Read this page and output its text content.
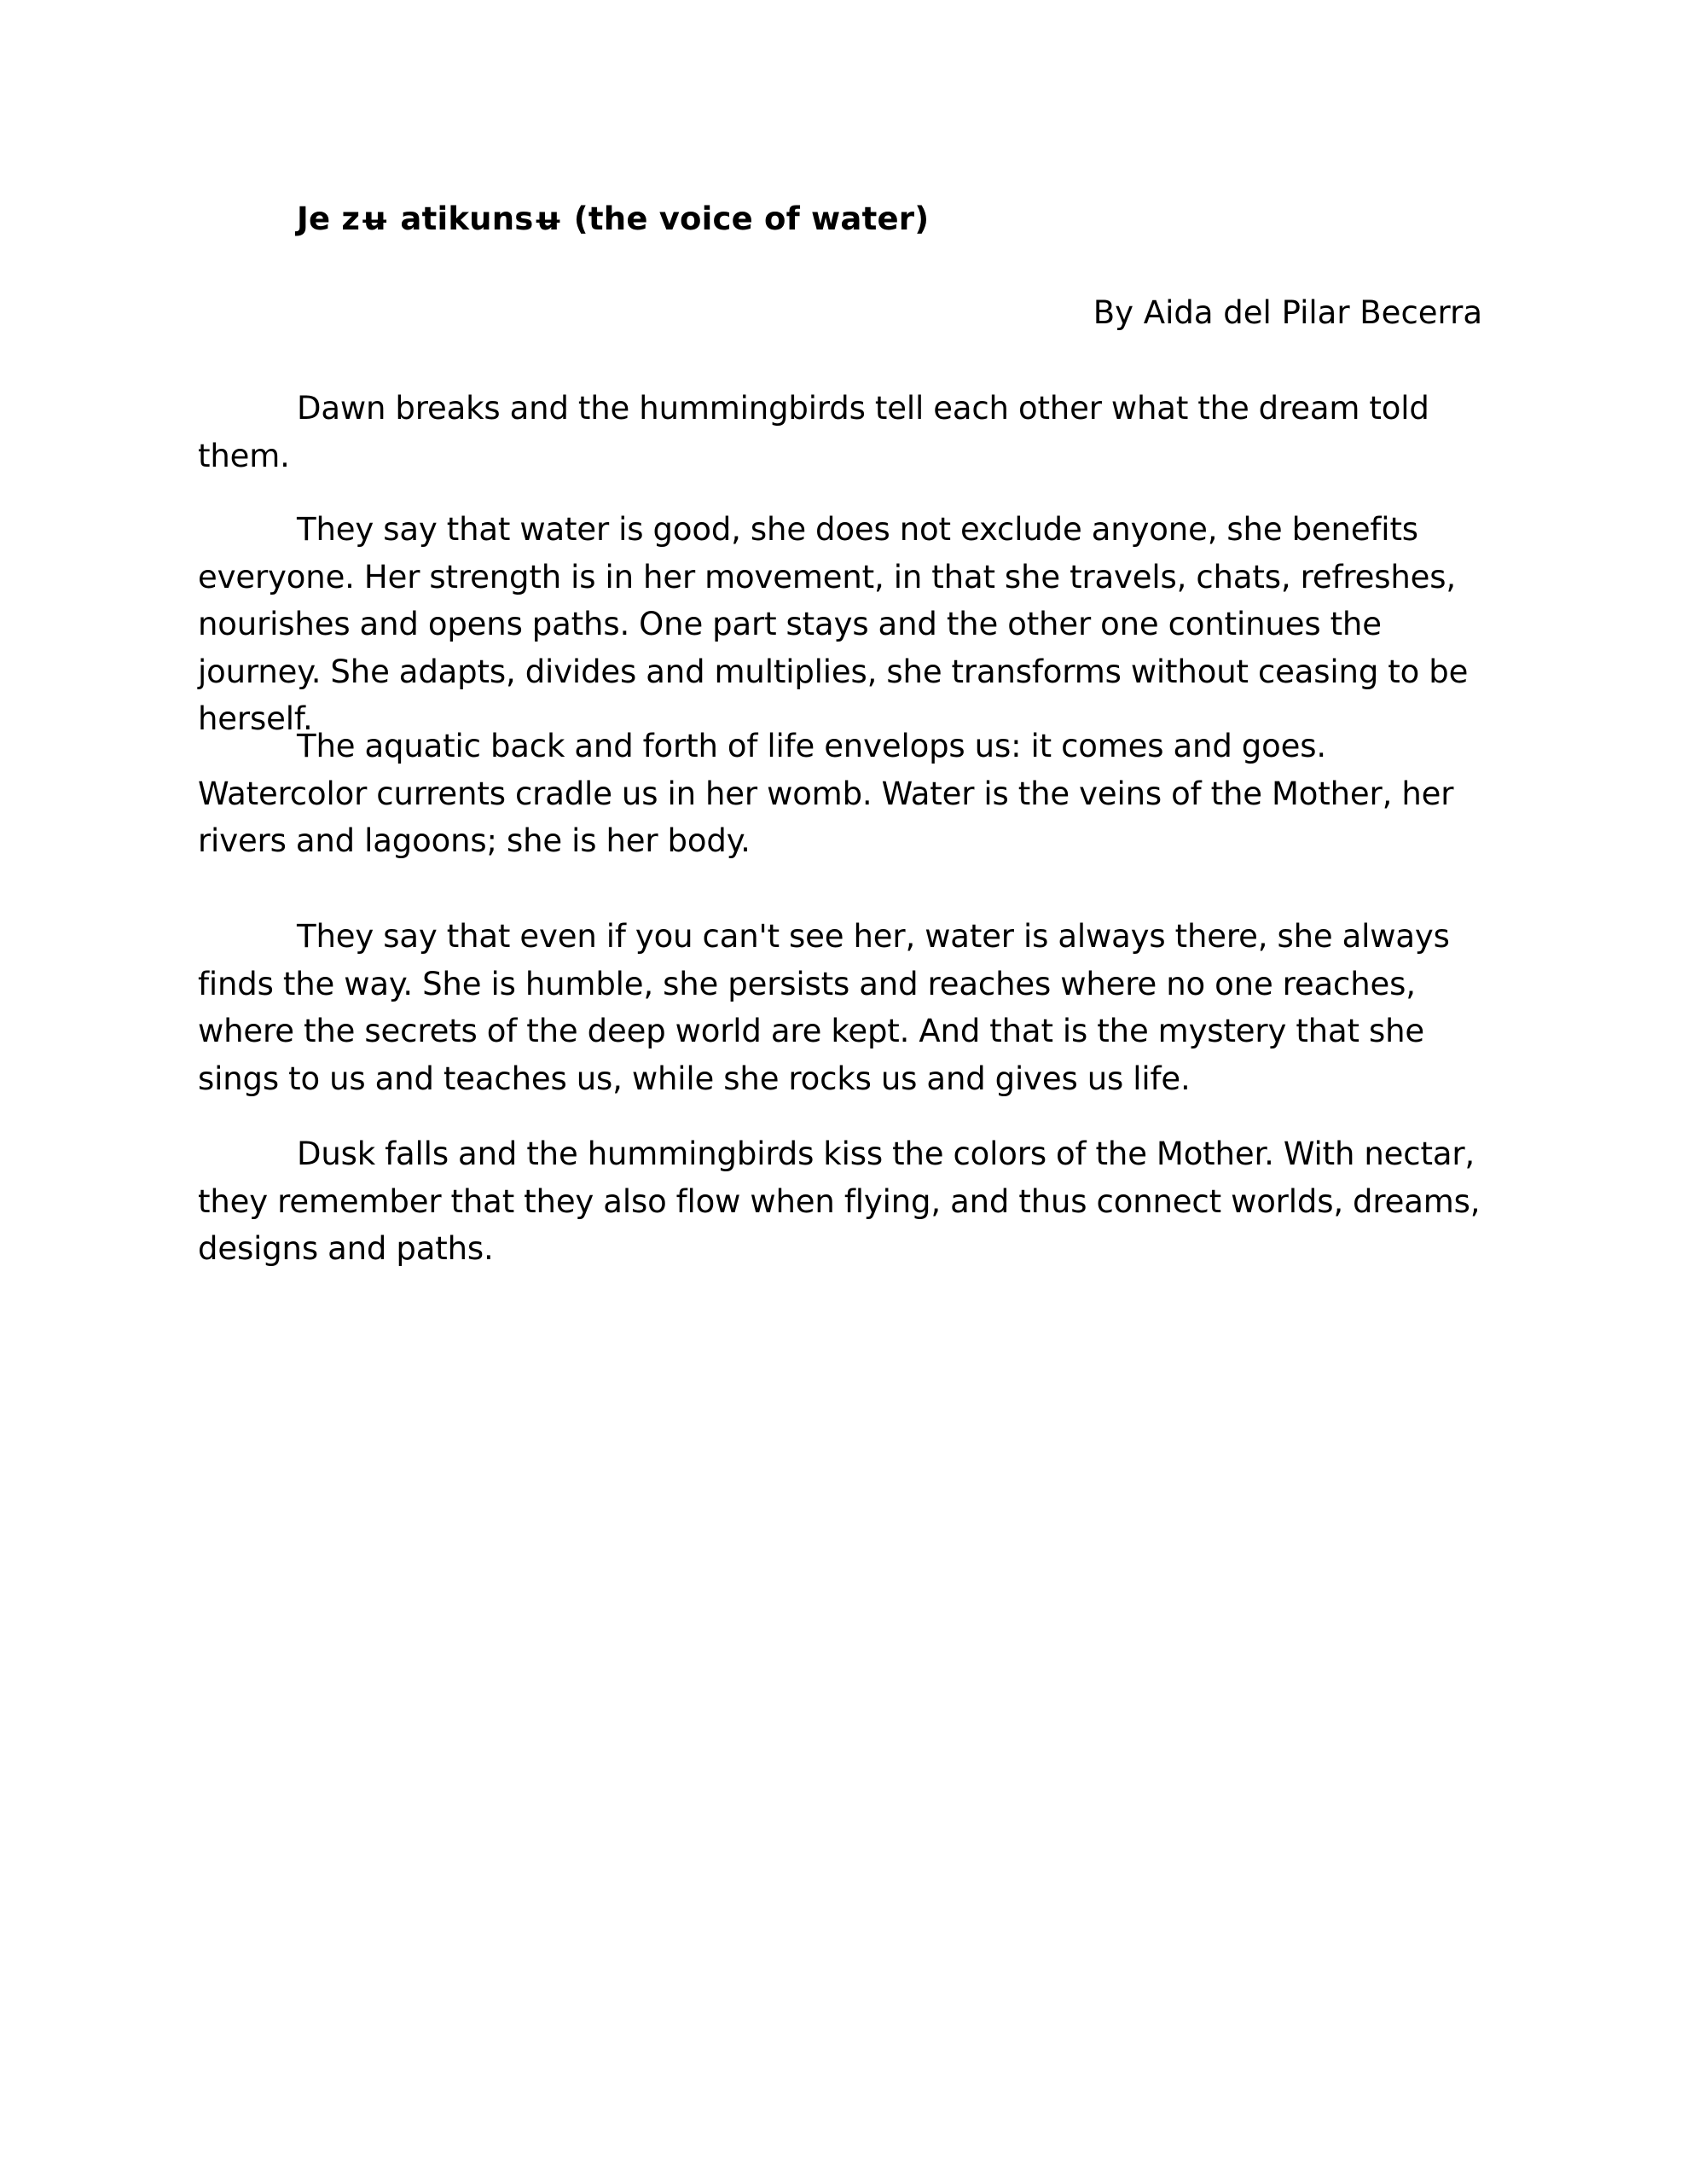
Je zʉ atikunsʉ (the voice of water)
By Aida del Pilar Becerra

Dawn breaks and the hummingbirds tell each other what the dream told them.

They say that water is good, she does not exclude anyone, she benefits everyone. Her strength is in her movement, in that she travels, chats, refreshes, nourishes and opens paths. One part stays and the other one continues the journey. She adapts, divides and multiplies, she transforms without ceasing to be herself.

The aquatic back and forth of life envelops us: it comes and goes. Watercolor currents cradle us in her womb. Water is the veins of the Mother, her rivers and lagoons; she is her body.

They say that even if you can't see her, water is always there, she always finds the way. She is humble, she persists and reaches where no one reaches, where the secrets of the deep world are kept. And that is the mystery that she sings to us and teaches us, while she rocks us and gives us life.

Dusk falls and the hummingbirds kiss the colors of the Mother. With nectar, they remember that they also flow when flying, and thus connect worlds, dreams, designs and paths.
